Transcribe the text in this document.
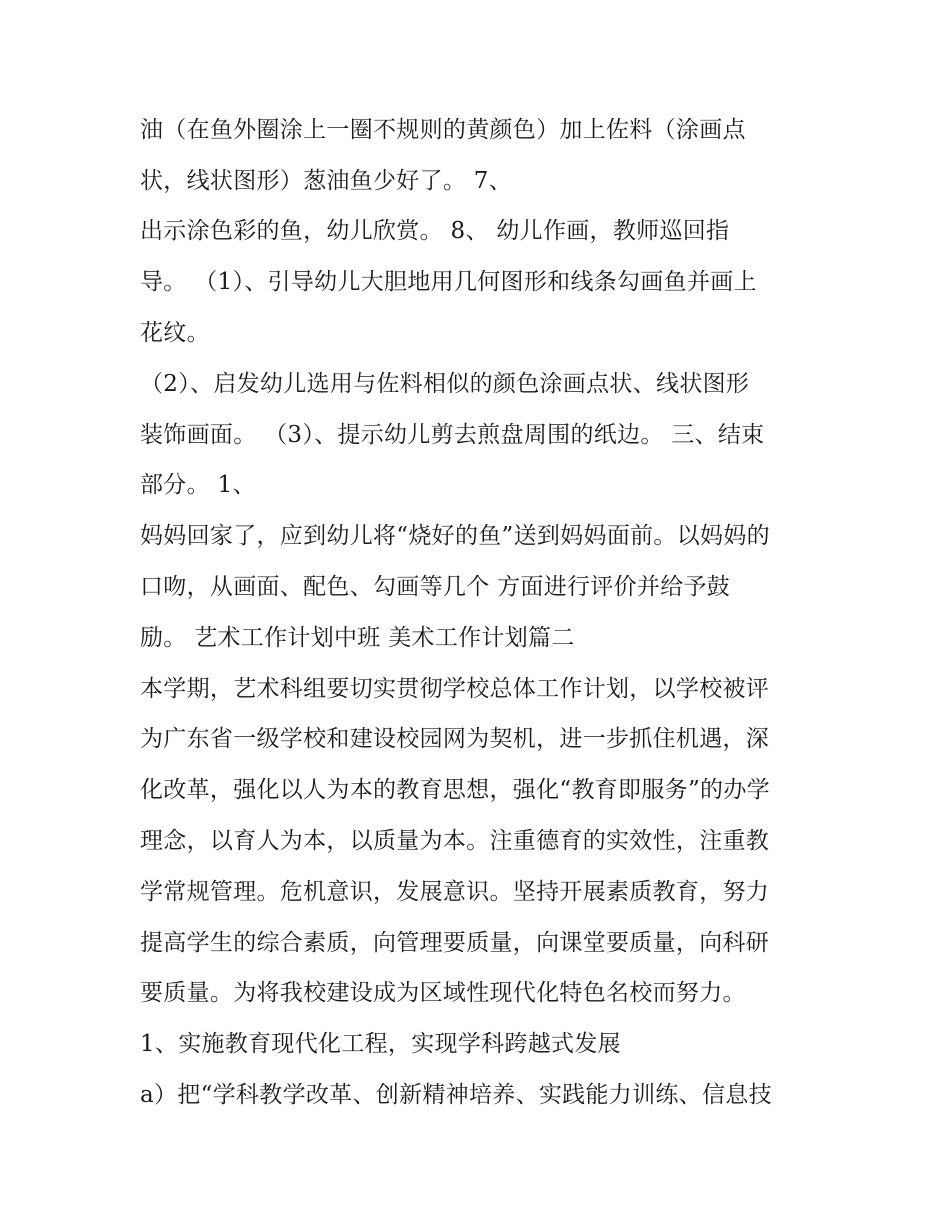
油（在鱼外圈涂上一圈不规则的黄颜色）加上佐料（涂画点
状，线状图形）葱油鱼少好了。 7、
出示涂色彩的鱼，幼儿欣赏。 8、 幼儿作画，教师巡回指
导。 （1）、引导幼儿大胆地用几何图形和线条勾画鱼并画上
花纹。
（2）、启发幼儿选用与佐料相似的颜色涂画点状、线状图形
装饰画面。 （3）、提示幼儿剪去煎盘周围的纸边。 三、结束
部分。 1、
妈妈回家了，应到幼儿将“烧好的鱼”送到妈妈面前。以妈妈的
口吻，从画面、配色、勾画等几个 方面进行评价并给予鼓
励。 艺术工作计划中班 美术工作计划篇二
本学期，艺术科组要切实贯彻学校总体工作计划，以学校被评
为广东省一级学校和建设校园网为契机，进一步抓住机遇，深
化改革，强化以人为本的教育思想，强化“教育即服务”的办学
理念，以育人为本，以质量为本。注重德育的实效性，注重教
学常规管理。危机意识，发展意识。坚持开展素质教育，努力
提高学生的综合素质，向管理要质量，向课堂要质量，向科研
要质量。为将我校建设成为区域性现代化特色名校而努力。
1、实施教育现代化工程，实现学科跨越式发展
a）把“学科教学改革、创新精神培养、实践能力训练、信息技
